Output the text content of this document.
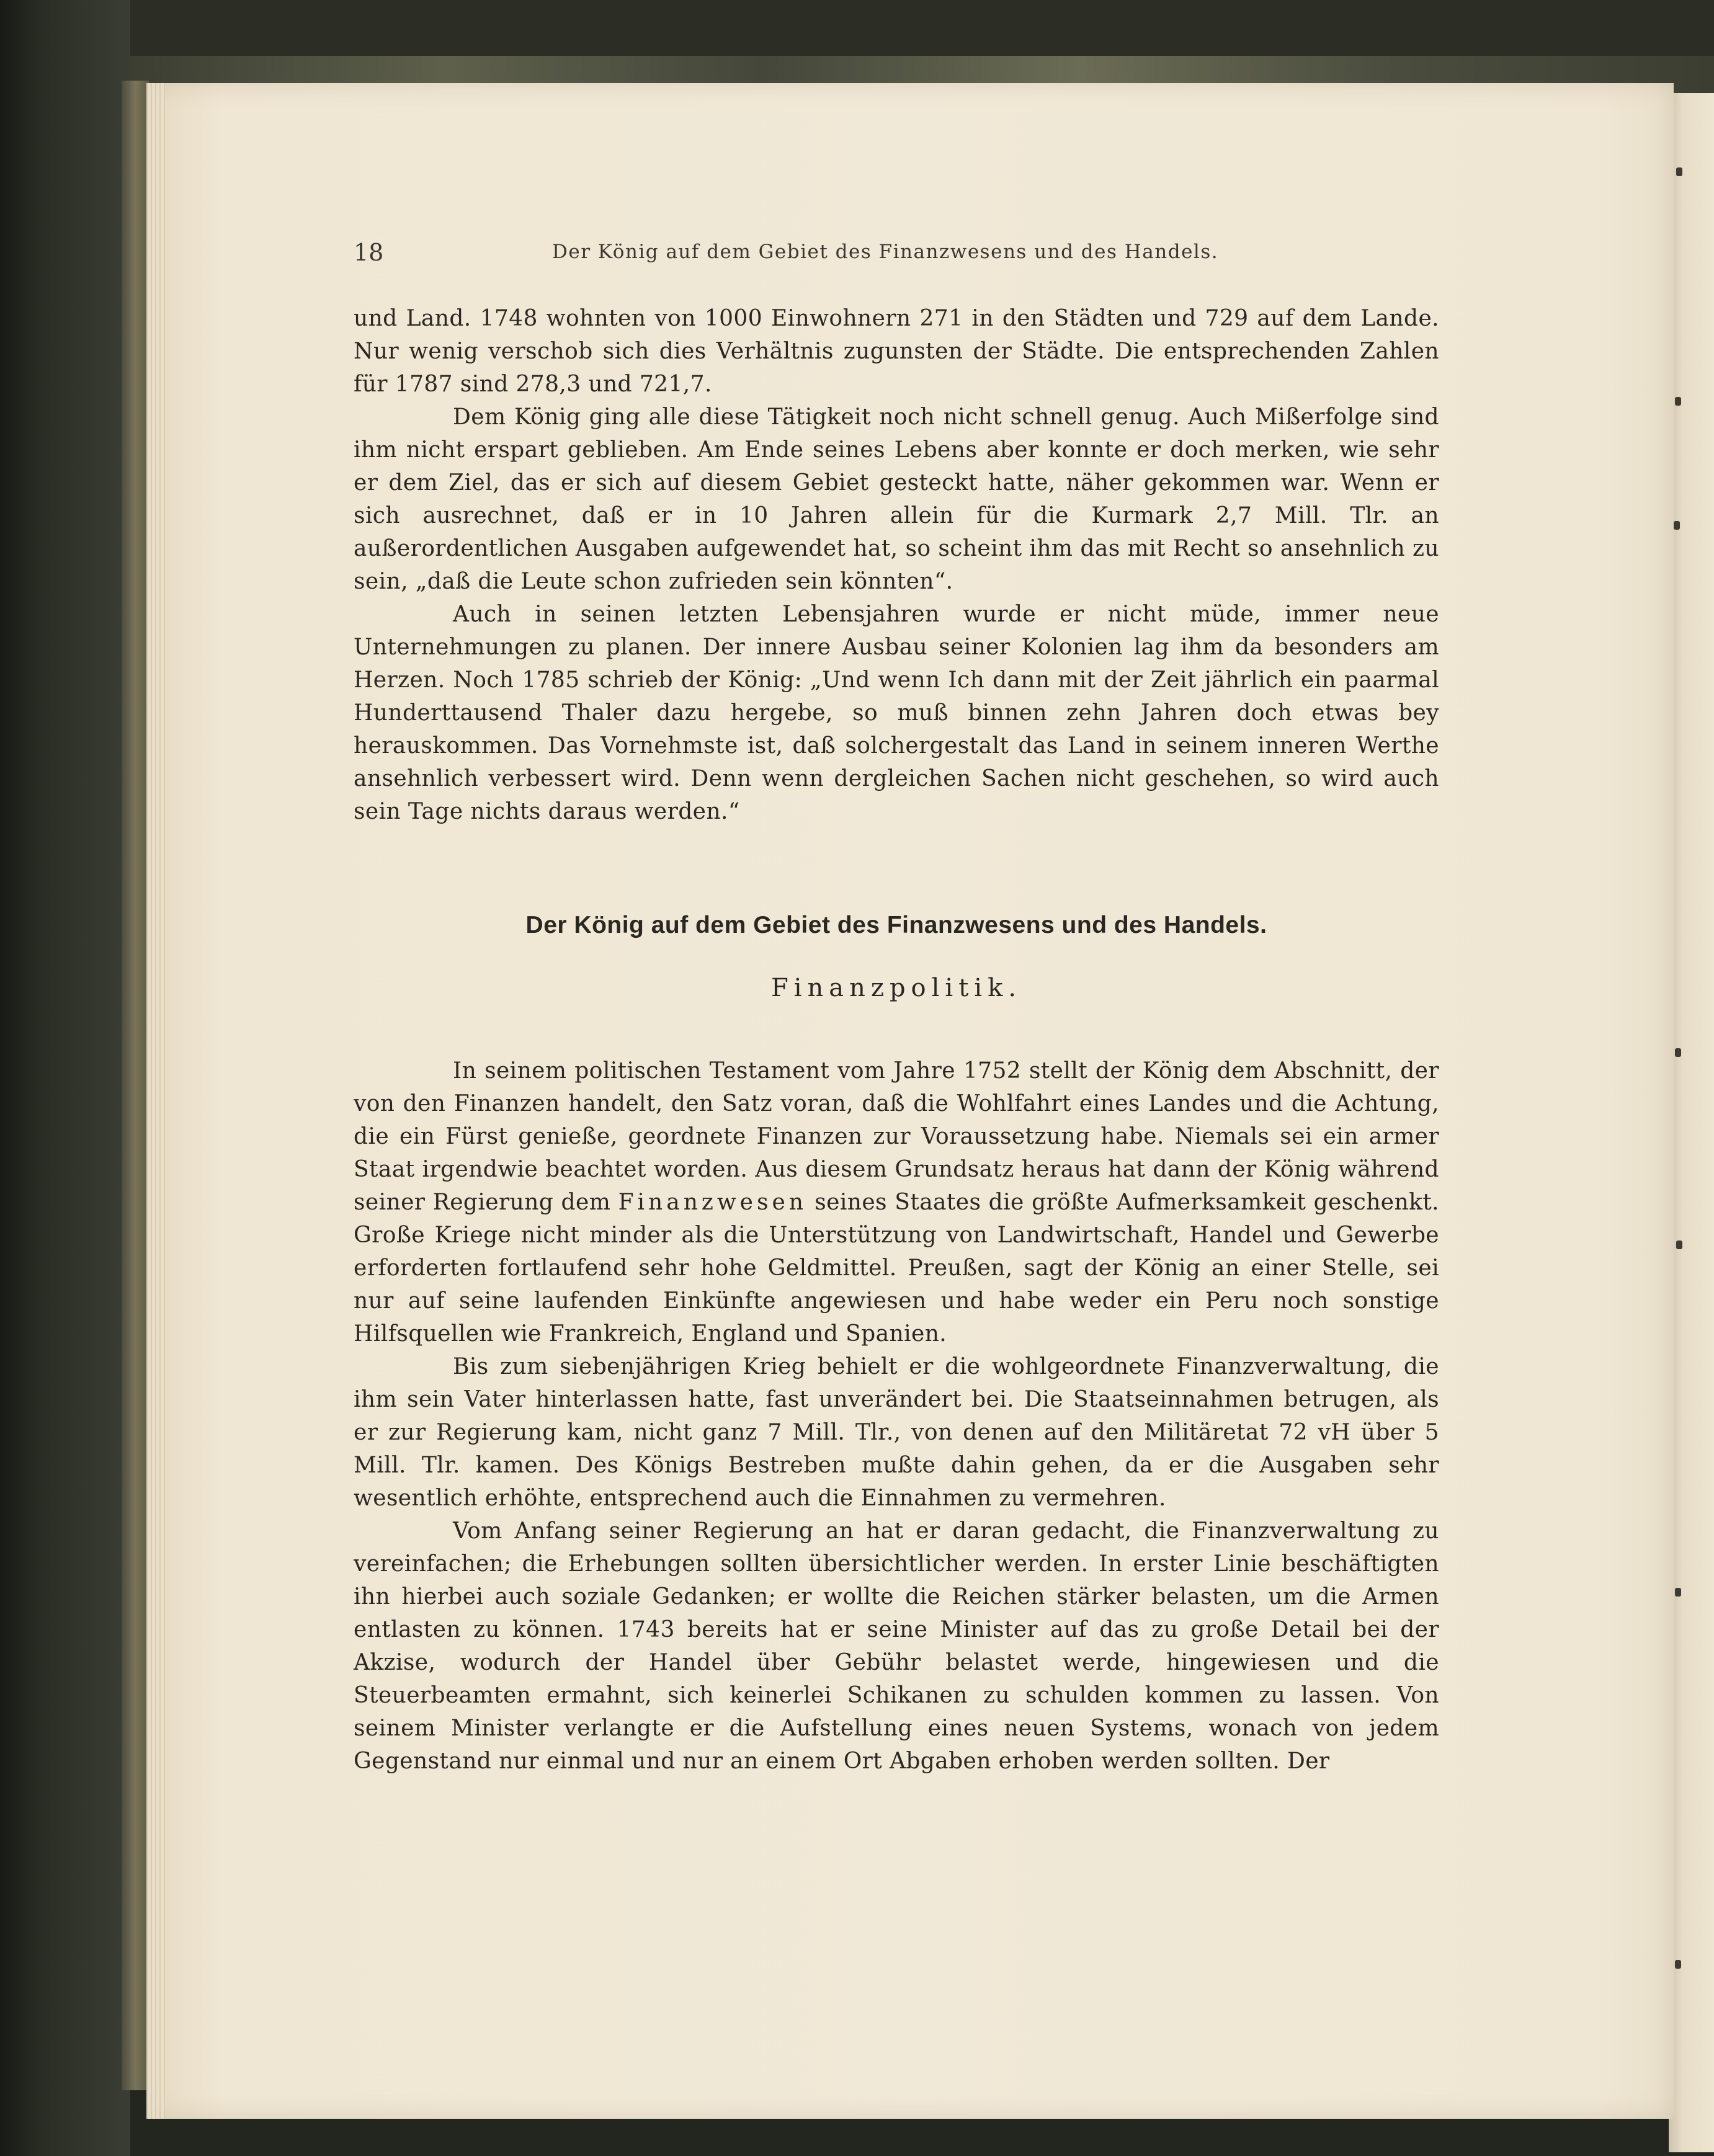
18	Der König auf dem Gebiet des Finanzwesens und des Handels.

und Land. 1748 wohnten von 1000 Einwohnern 271 in den Städten und 729 auf dem Lande. Nur wenig verschob sich dies Verhältnis zugunsten der Städte. Die entsprechenden Zahlen für 1787 sind 278,3 und 721,7.

Dem König ging alle diese Tätigkeit noch nicht schnell genug. Auch Mißerfolge sind ihm nicht erspart geblieben. Am Ende seines Lebens aber konnte er doch merken, wie sehr er dem Ziel, das er sich auf diesem Gebiet gesteckt hatte, näher gekommen war. Wenn er sich ausrechnet, daß er in 10 Jahren allein für die Kurmark 2,7 Mill. Tlr. an außerordentlichen Ausgaben aufgewendet hat, so scheint ihm das mit Recht so ansehnlich zu sein, „daß die Leute schon zufrieden sein könnten“.

Auch in seinen letzten Lebensjahren wurde er nicht müde, immer neue Unternehmungen zu planen. Der innere Ausbau seiner Kolonien lag ihm da besonders am Herzen. Noch 1785 schrieb der König: „Und wenn Ich dann mit der Zeit jährlich ein paarmal Hunderttausend Thaler dazu hergebe, so muß binnen zehn Jahren doch etwas bey herauskommen. Das Vornehmste ist, daß solchergestalt das Land in seinem inneren Werthe ansehnlich verbessert wird. Denn wenn dergleichen Sachen nicht geschehen, so wird auch sein Tage nichts daraus werden.“

Der König auf dem Gebiet des Finanzwesens und des Handels.
Finanzpolitik.

In seinem politischen Testament vom Jahre 1752 stellt der König dem Abschnitt, der von den Finanzen handelt, den Satz voran, daß die Wohlfahrt eines Landes und die Achtung, die ein Fürst genieße, geordnete Finanzen zur Voraussetzung habe. Niemals sei ein armer Staat irgendwie beachtet worden. Aus diesem Grundsatz heraus hat dann der König während seiner Regierung dem Finanzwesen seines Staates die größte Aufmerksamkeit geschenkt. Große Kriege nicht minder als die Unterstützung von Landwirtschaft, Handel und Gewerbe erforderten fortlaufend sehr hohe Geldmittel. Preußen, sagt der König an einer Stelle, sei nur auf seine laufenden Einkünfte angewiesen und habe weder ein Peru noch sonstige Hilfsquellen wie Frankreich, England und Spanien.

Bis zum siebenjährigen Krieg behielt er die wohlgeordnete Finanzverwaltung, die ihm sein Vater hinterlassen hatte, fast unverändert bei. Die Staatseinnahmen betrugen, als er zur Regierung kam, nicht ganz 7 Mill. Tlr., von denen auf den Militäretat 72 vH über 5 Mill. Tlr. kamen. Des Königs Bestreben mußte dahin gehen, da er die Ausgaben sehr wesentlich erhöhte, entsprechend auch die Einnahmen zu vermehren.

Vom Anfang seiner Regierung an hat er daran gedacht, die Finanzverwaltung zu vereinfachen; die Erhebungen sollten übersichtlicher werden. In erster Linie beschäftigten ihn hierbei auch soziale Gedanken; er wollte die Reichen stärker belasten, um die Armen entlasten zu können. 1743 bereits hat er seine Minister auf das zu große Detail bei der Akzise, wodurch der Handel über Gebühr belastet werde, hingewiesen und die Steuerbeamten ermahnt, sich keinerlei Schikanen zu schulden kommen zu lassen. Von seinem Minister verlangte er die Aufstellung eines neuen Systems, wonach von jedem Gegenstand nur einmal und nur an einem Ort Abgaben erhoben werden sollten. Der
